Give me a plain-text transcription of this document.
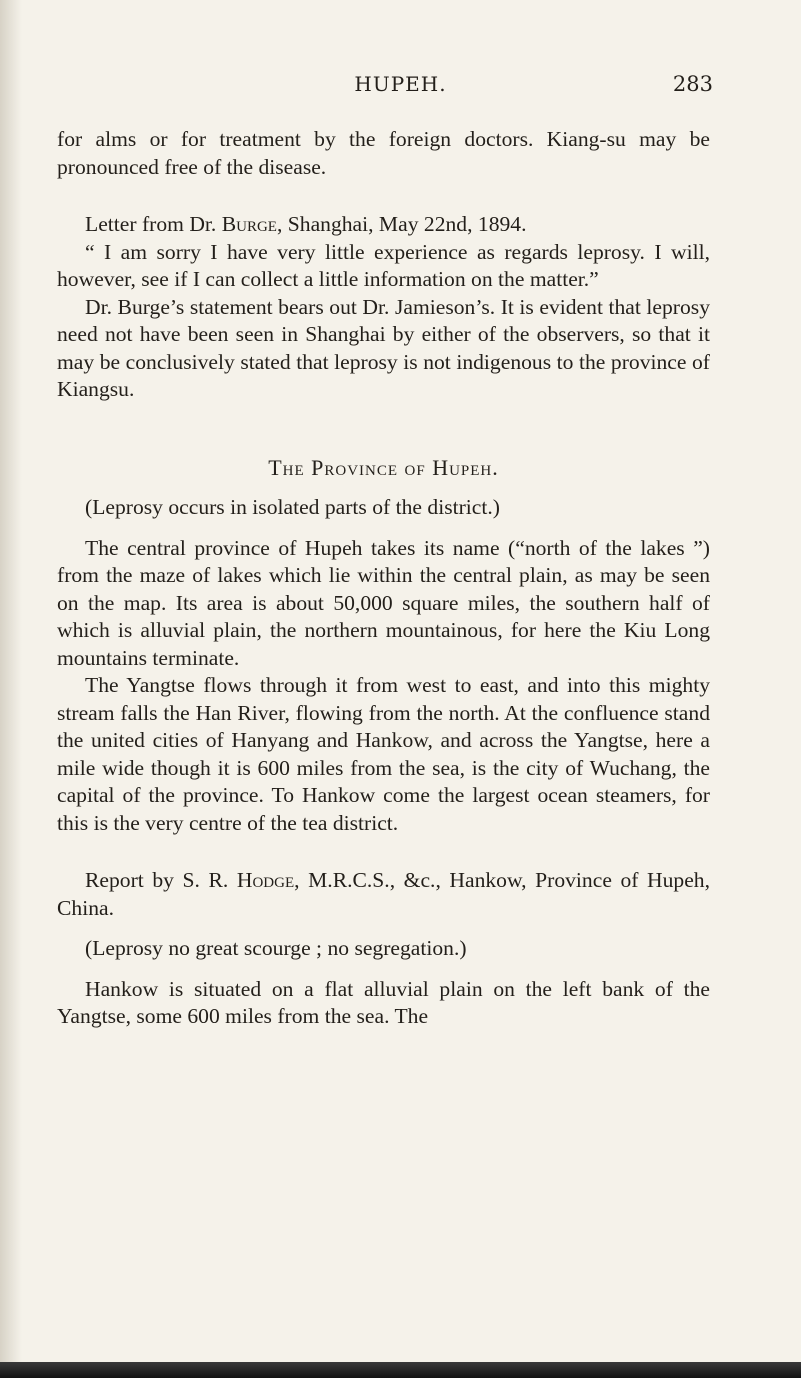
HUPEH.	283

for alms or for treatment by the foreign doctors. Kiang-su may be pronounced free of the disease.

Letter from Dr. Burge, Shanghai, May 22nd, 1894.

“ I am sorry I have very little experience as regards leprosy. I will, however, see if I can collect a little information on the matter.”

Dr. Burge’s statement bears out Dr. Jamieson’s. It is evident that leprosy need not have been seen in Shanghai by either of the observers, so that it may be conclusively stated that leprosy is not indigenous to the province of Kiangsu.

The Province of Hupeh.

(Leprosy occurs in isolated parts of the district.)

The central province of Hupeh takes its name (“north of the lakes ”) from the maze of lakes which lie within the central plain, as may be seen on the map. Its area is about 50,000 square miles, the southern half of which is alluvial plain, the northern mountainous, for here the Kiu Long mountains terminate.

The Yangtse flows through it from west to east, and into this mighty stream falls the Han River, flowing from the north. At the confluence stand the united cities of Hanyang and Hankow, and across the Yangtse, here a mile wide though it is 600 miles from the sea, is the city of Wuchang, the capital of the province. To Hankow come the largest ocean steamers, for this is the very centre of the tea district.

Report by S. R. Hodge, M.R.C.S., &c., Hankow, Province of Hupeh, China.

(Leprosy no great scourge ; no segregation.)

Hankow is situated on a flat alluvial plain on the left bank of the Yangtse, some 600 miles from the sea. The
